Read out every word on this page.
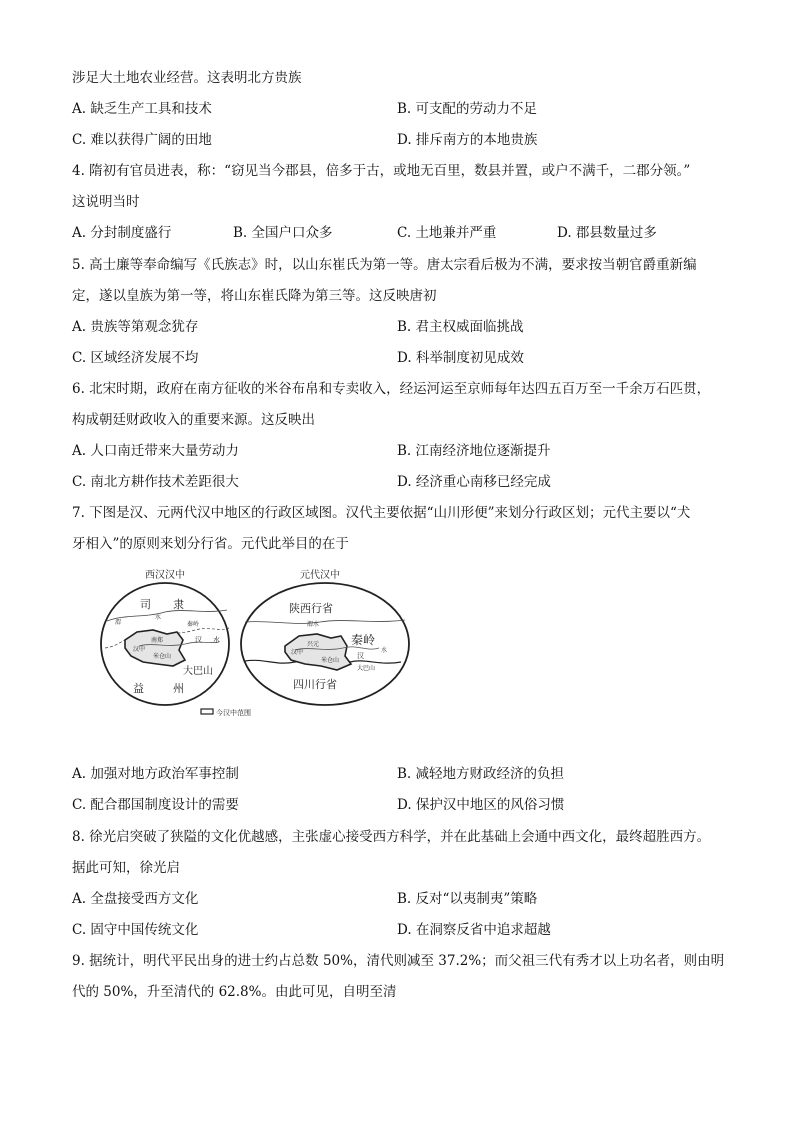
涉足大土地农业经营。这表明北方贵族
A. 缺乏生产工具和技术	B. 可支配的劳动力不足
C. 难以获得广阔的田地	D. 排斥南方的本地贵族
4. 隋初有官员进表，称：“窃见当今郡县，倍多于古，或地无百里，数县并置，或户不满千，二郡分领。”
这说明当时
A. 分封制度盛行	B. 全国户口众多	C. 土地兼并严重	D. 郡县数量过多
5. 高士廉等奉命编写《氏族志》时，以山东崔氏为第一等。唐太宗看后极为不满，要求按当朝官爵重新编
定，遂以皇族为第一等，将山东崔氏降为第三等。这反映唐初
A. 贵族等第观念犹存	B. 君主权威面临挑战
C. 区域经济发展不均	D. 科举制度初见成效
6. 北宋时期，政府在南方征收的米谷布帛和专卖收入，经运河运至京师每年达四五百万至一千余万石匹贯，
构成朝廷财政收入的重要来源。这反映出
A. 人口南迁带来大量劳动力	B. 江南经济地位逐渐提升
C. 南北方耕作技术差距很大	D. 经济重心南移已经完成
7. 下图是汉、元两代汉中地区的行政区域图。汉代主要依据“山川形便”来划分行政区划；元代主要以“犬
牙相入”的原则来划分行省。元代此举目的在于
西汉汉中
司 隶
渭
水
秦岭
汉中
南郑
米仓山
汉 水
大巴山
益	州
元代汉中
陕西行省
渭水
秦岭
汉中
兴元
米仓山
汉
水
大巴山
四川行省
今汉中范围
A. 加强对地方政治军事控制	B. 减轻地方财政经济的负担
C. 配合郡国制度设计的需要	D. 保护汉中地区的风俗习惯
8. 徐光启突破了狭隘的文化优越感，主张虚心接受西方科学，并在此基础上会通中西文化，最终超胜西方。
据此可知，徐光启
A. 全盘接受西方文化	B. 反对“以夷制夷”策略
C. 固守中国传统文化	D. 在洞察反省中追求超越
9. 据统计，明代平民出身的进士约占总数 50%，清代则减至 37.2%；而父祖三代有秀才以上功名者，则由明
代的 50%，升至清代的 62.8%。由此可见，自明至清
